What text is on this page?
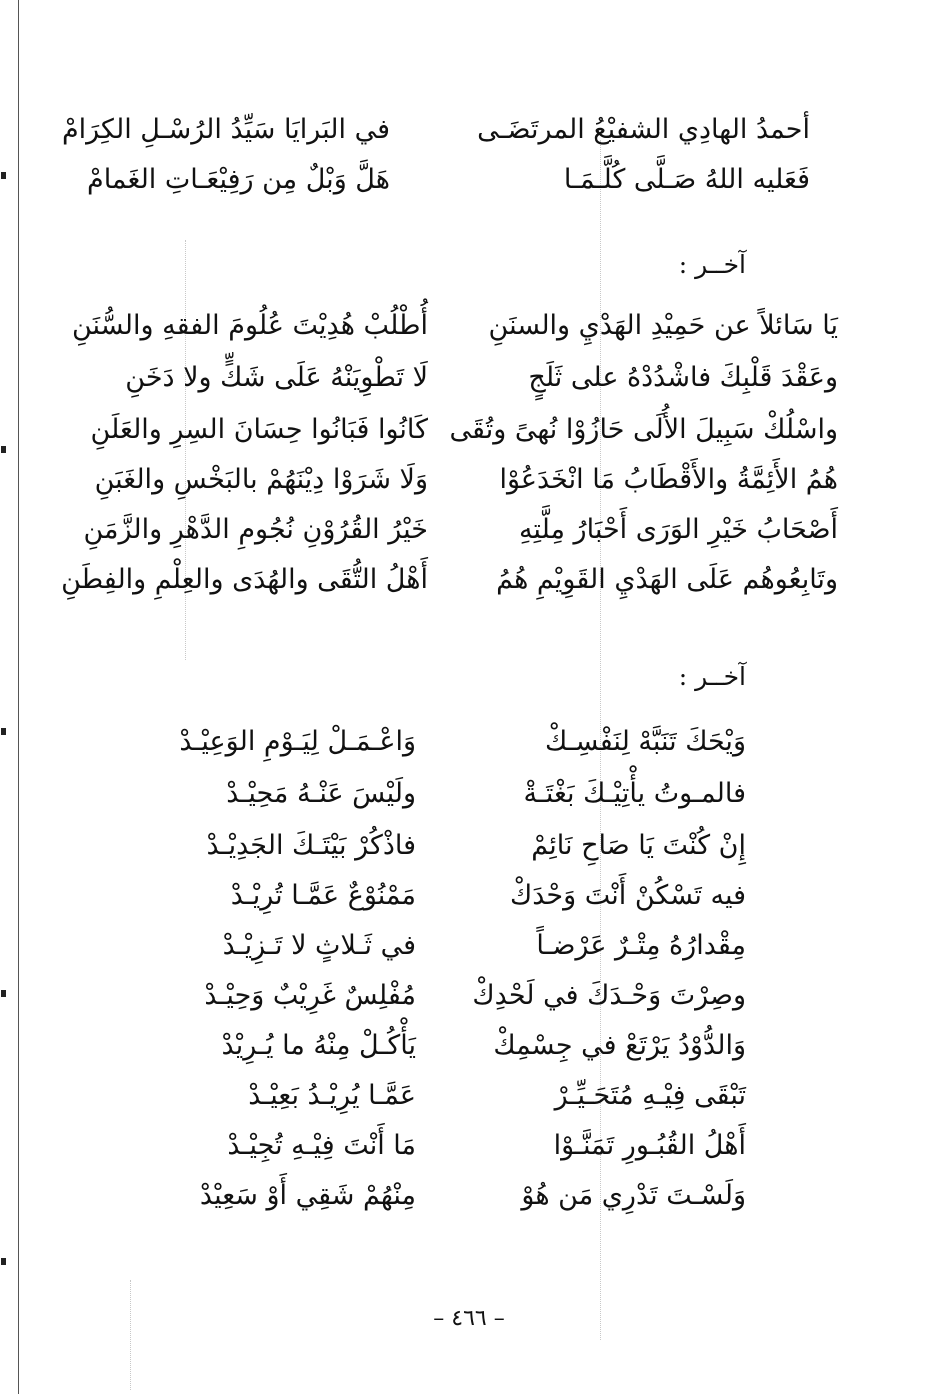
أحمدُ الهادِي الشفيْعُ المرتَضَـى
في البَرايَا سَيِّدُ الرُسْـلِ الكِرَامْ
فَعَليه اللهُ صَـلَّى كُلَّـمَـا
هَلَّ وَبْلٌ مِن رَفِيْعَـاتِ الغَمامْ
آخــر :
يَا سَائلاً عن حَمِيْدِ الهَدْيِ والسنَنِ
أُطْلُبْ هُدِيْتَ عُلُومَ الفقهِ والسُّنَنِ
وعَقْدَ قَلْبِكَ فاشْدُدْهُ على ثَلَجٍ
لَا تَطْوِيَنْهُ عَلَى شَكٍّ ولا دَخَنِ
واسْلُكْ سَبِيلَ الأُلَى حَازُوْا نُهىً وتُقَى
كَانُوا فَبَانُوا حِسَانَ السِرِ والعَلَنِ
هُمُ الأَئِمَّةُ والأَقْطَابُ مَا انْخَدَعُوْا
وَلَا شَرَوْا دِيْنَهُمْ بالبَخْسِ والغَبَنِ
أَصْحَابُ خَيْرِ الوَرَى أَحْبَارُ مِلَّتِهِ
خَيْرُ القُرُوْنِ نُجُومِ الدَّهْرِ والزَّمَنِ
وتَابِعُوهُم عَلَى الهَدْيِ القَوِيْمِ هُمُ
أَهْلُ التُّقَى والهُدَى والعِلْمِ والفِطَنِ
آخــر :
وَيْحَكَ تَنَبَّهْ لِنَفْسِـكْ
وَاعْـمَـلْ لِيَـوْمِ الوَعِيْـدْ
فالمـوتُ يأْتِيْـكَ بَغْتَـةْ
ولَيْسَ عَنْـهُ مَحِيْـدْ
إِنْ كُنْتَ يَا صَاحِ نَائِمْ
فاذْكُرْ بَيْتَـكَ الجَدِيْـدْ
فيه تَسْكُنْ أَنْتَ وَحْدَكْ
مَمْنُوْعٌ عَمَّـا تُرِيْـدْ
مِقْدارُهُ مِتْـرٌ عَرْضـاً
في ثَـلاثٍ لا تَـزِيْـدْ
وصِرْتَ وَحْـدَكَ في لَحْدِكْ
مُفْلِسٌ غَرِيْبٌ وَحِيْـدْ
وَالدُّوْدُ يَرْتَعْ في جِسْمِكْ
يَأْكُـلْ مِنْهُ ما يُـرِيْدْ
تَبْقَى فِيْـهِ مُتَحَـيِّـرْ
عَمَّـا يُرِيْـدُ بَعِيْـدْ
أَهْلُ القُبُـورِ تَمَنَّـوْا
مَا أَنْتَ فِيْـهِ تُجِيْـدْ
وَلَسْـتَ تَدْرِي مَن هُوْ
مِنْهُمْ شَقِي أَوْ سَعِيْدْ
– ٤٦٦ –
